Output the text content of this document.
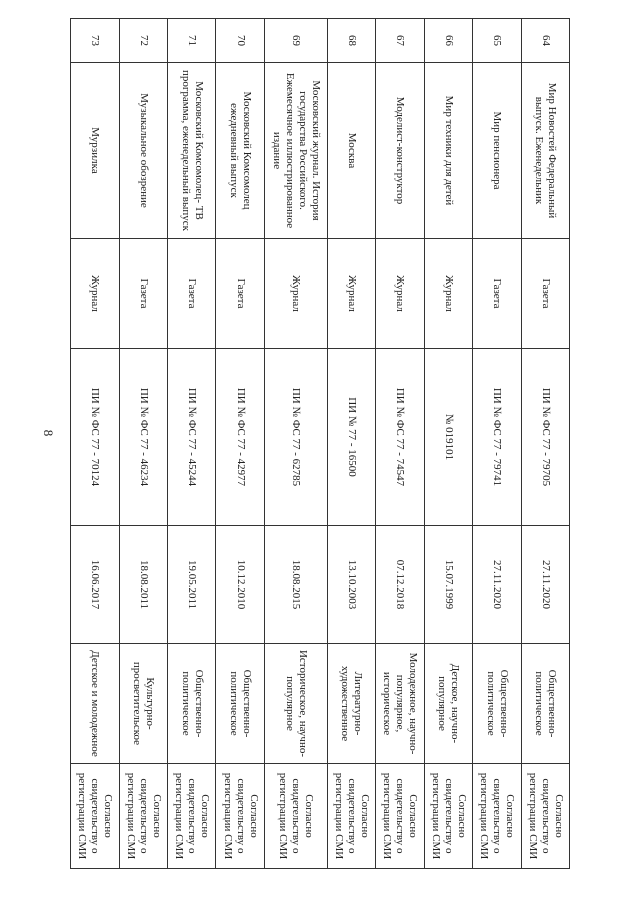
8
64	Мир Новостей Федеральный выпуск. Еженедельник	Газета	ПИ № ФС 77 - 79705	27.11.2020	Общественно-политическое	Согласно свидетельству о регистрации СМИ
65	Мир пенсионера	Газета	ПИ № ФС 77 - 79741	27.11.2020	Общественно-политическое	Согласно свидетельству о регистрации СМИ
66	Мир техники для детей	Журнал	№ 019101	15.07.1999	Детское, научно-популярное	Согласно свидетельству о регистрации СМИ
67	Моделист-конструктор	Журнал	ПИ № ФС 77 - 74547	07.12.2018	Молодежное, научно-популярное, историческое	Согласно свидетельству о регистрации СМИ
68	Москва	Журнал	ПИ № 77 - 16500	13.10.2003	Литературно-художественное	Согласно свидетельству о регистрации СМИ
69	Московский журнал. История государства Российского. Ежемесячное иллюстрированное издание	Журнал	ПИ № ФС 77 - 62785	18.08.2015	Историческое, научно-популярное	Согласно свидетельству о регистрации СМИ
70	Московский Комсомолец ежедневный выпуск	Газета	ПИ № ФС 77 - 42977	10.12.2010	Общественно-политическое	Согласно свидетельству о регистрации СМИ
71	Московский Комсомолец- ТВ программа, еженедельный выпуск	Газета	ПИ № ФС 77 - 45244	19.05.2011	Общественно-политическое	Согласно свидетельству о регистрации СМИ
72	Музыкальное обозрение	Газета	ПИ № ФС 77 - 46234	18.08.2011	Культурно-просветительское	Согласно свидетельству о регистрации СМИ
73	Мурзилка	Журнал	ПИ № ФС 77 - 70124	16.06.2017	Детское и молодежное	Согласно свидетельству о регистрации СМИ
